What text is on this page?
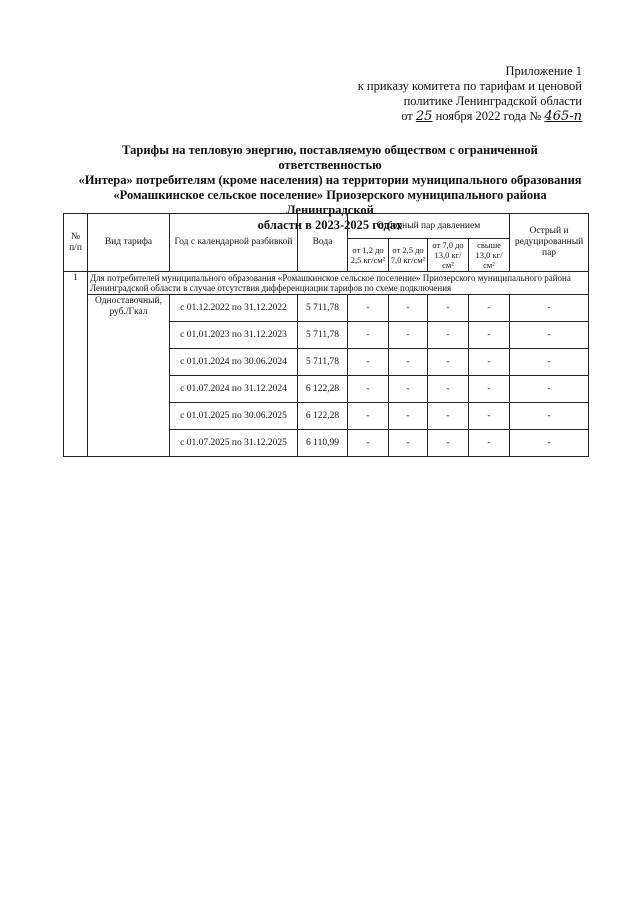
Приложение 1
к приказу комитета по тарифам и ценовой
политике Ленинградской области
от 25 ноября 2022 года № 465-п
Тарифы на тепловую энергию, поставляемую обществом с ограниченной ответственностью
«Интера» потребителям (кроме населения) на территории муниципального образования
«Ромашкинское сельское поселение» Приозерского муниципального района Ленинградской
области в 2023-2025 годах
№ п/п	Вид тарифа	Год с календарной разбивкой	Вода	Отборный пар давлением				Острый и редуцированный пар
				от 1,2 до 2,5 кг/см²	от 2,5 до 7,0 кг/см²	от 7,0 до 13,0 кг/см²	свыше 13,0 кг/см²	
1	Для потребителей муниципального образования «Ромашкинское сельское поселение» Приозерского муниципального района Ленинградской области в случае отсутствия дифференциации тарифов по схеме подключения							
	Одноставочный, руб./Гкал	с 01.12.2022 по 31.12.2022	5 711,78	-	-	-	-	-
		с 01.01.2023 по 31.12.2023	5 711,78	-	-	-	-	-
		с 01.01.2024 по 30.06.2024	5 711,78	-	-	-	-	-
		с 01.07.2024 по 31.12.2024	6 122,28	-	-	-	-	-
		с 01.01.2025 по 30.06.2025	6 122,28	-	-	-	-	-
		с 01.07.2025 по 31.12.2025	6 110,99	-	-	-	-	-
